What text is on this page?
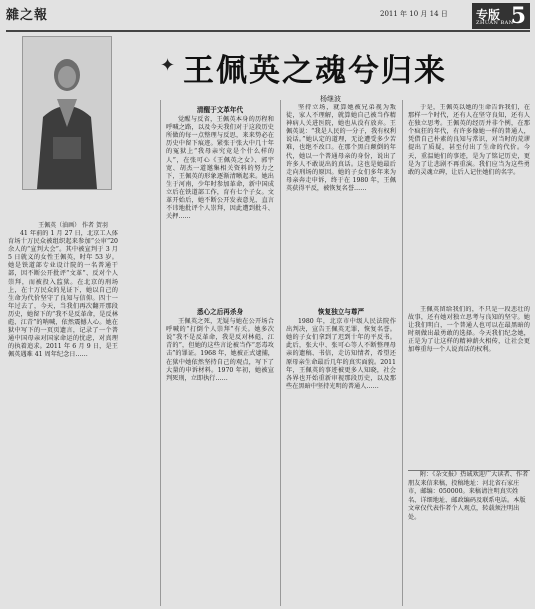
雜之報	2011 年 10 月 14 日 专版
ZHUAN BAN
5
王佩英（油画） 作者 贺羽
✦ 王佩英之魂兮归来
杨继波

41 年前的 1 月 27 日，北京工人体育场十万民众被组织起来参加“公审”20 余人的“宣判大会”。其中被宣判于 3 月 5 日就义的女性王佩英，时年 53 岁。她是铁道部专业设计院的一名普通干部，因不断公开批评“文革”、反对个人崇拜，而被投入监狱。在北京的刑场上，在十万民众的见证下，她以自己的生命为代价坚守了良知与信仰。四十一年过去了，今天，当我们再次翻开那段历史，她留下的“我不是反革命，是反林彪、江青”的呐喊，依然震撼人心。她在狱中写下的一页页遗言，记录了一个普通中国母亲对国家命运的忧虑，对真理的执着追求。2011 年 6 月 9 日，是王佩英遇难 41 周年纪念日……

清醒于文革年代

觉醒与反省，王佩英本身的历程和呼喊之路，以及今天我们对于这段历史所做的每一点整理与反思，来来势必在历史中留下痕迹。紧张于张大中几十年的冤狱上“我母亲究竟是个什么样的人”，在张可心《王佩英之女》、郭宇宽、胡杰一道邀集相关资料的努力之下，王佩英的形象逐渐清晰起来。她出生于河南，少年时参加革命，新中国成立后在铁道部工作，育有七个子女。文革开始后，她不断公开发表意见，直言不讳地批评个人崇拜，因此遭到批斗、关押……

坚持立场，就算她被兄弟视为叛徒，家人不理解，就算她自己被当作精神病人关进医院，她也从没有放弃。王佩英说：“我是人民的一分子，我有权利说话。”她认定的道理，无论遭受多少苦难，也绝不改口。在那个黑白颠倒的年代，她以一个普通母亲的身份，说出了许多人不敢说出的真话。这也是她最后走向刑场的原因。她的子女们多年来为母亲奔走申诉，终于在 1980 年，王佩英获得平反，被恢复名誉……

于是，王佩英以她的生命告诉我们，在那样一个时代，还有人在坚守良知，还有人在独立思考。王佩英的经历并非个例，在那个疯狂的年代，有许多像她一样的普通人，凭借自己朴素的良知与常识，对当时的荒谬提出了质疑，甚至付出了生命的代价。今天，重温她们的事迹，是为了铭记历史，更是为了让悲剧不再重演。我们应当为这些勇敢的灵魂立碑，让后人记住她们的名字。

悉心之后再杀身

王佩英之死，无疑与她在公开场合呼喊的“打倒个人崇拜”有关。她多次说“我不是反革命，我是反对林彪、江青的”，但她的这些言论被当作“恶毒攻击”的罪证。1968 年，她被正式逮捕，在狱中她依然坚持自己的观点，写下了大量的申诉材料。1970 年初，她被宣判死刑，立即执行……

恢复独立与尊严

1980 年，北京市中级人民法院作出判决，宣告王佩英无罪，恢复名誉。她的子女们拿到了迟到十年的平反书。此后，张大中、张可心等人不断整理母亲的遗稿、书信，走访知情者，希望还原母亲生命最后几年的真实面貌。2011 年，王佩英的事迹被更多人知晓，社会各界也开始重新审视那段历史，以及那些在黑暗中坚持光明的普通人……

王佩英留给我们的，不只是一段悲壮的故事，还有她对独立思考与良知的坚守。她让我们明白，一个普通人也可以在最黑暗的时刻做出最勇敢的选择。今天我们纪念她，正是为了让这样的精神薪火相传，让社会更加尊重每一个人说真话的权利。

附：《杂文报》热诚欢迎广大读者、作者朋友来信来稿，投稿地址：河北省石家庄市，邮编：050000。来稿请注明真实姓名、详细地址、邮政编码及联系电话。本版文章仅代表作者个人观点，转载须注明出处。
